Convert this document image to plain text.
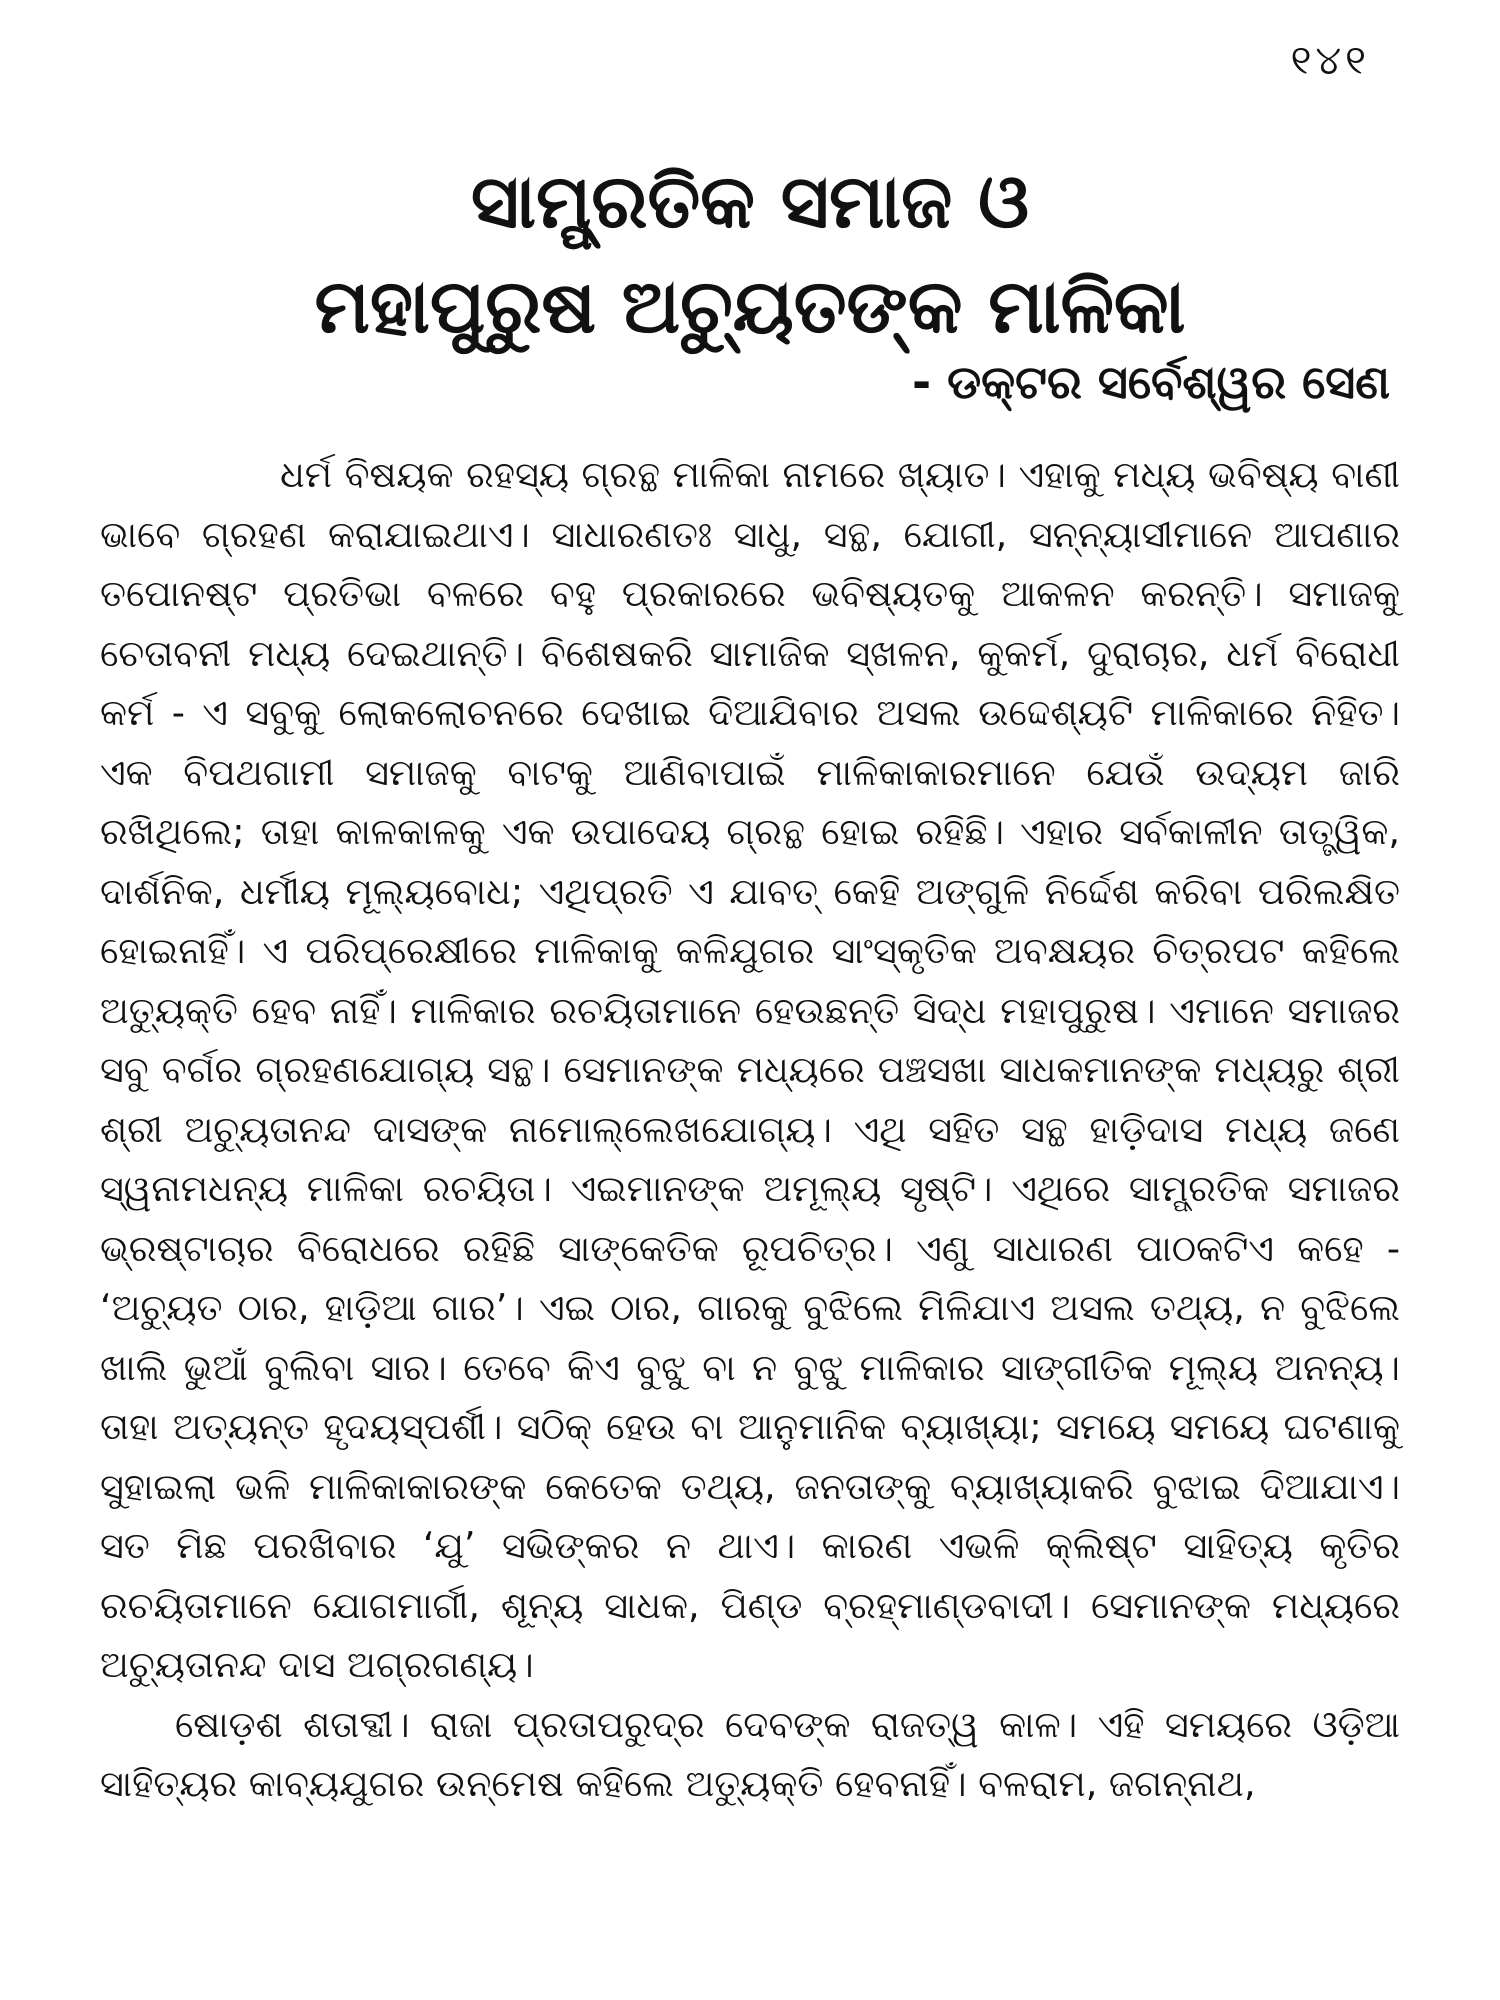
୧୪୧
ସାମ୍ପ୍ରତିକ ସମାଜ ଓ
ମହାପୁରୁଷ ଅଚ୍ୟୁତଙ୍କ ମାଳିକା
- ଡକ୍ଟର ସର୍ବେଶ୍ୱର ସେଣ

ଧର୍ମ ବିଷୟକ ରହସ୍ୟ ଗ୍ରନ୍ଥ ମାଳିକା ନାମରେ ଖ୍ୟାତ। ଏହାକୁ ମଧ୍ୟ ଭବିଷ୍ୟ ବାଣୀ ଭାବେ ଗ୍ରହଣ କରାଯାଇଥାଏ। ସାଧାରଣତଃ ସାଧୁ, ସନ୍ଥ, ଯୋଗୀ, ସନ୍ନ୍ୟାସୀମାନେ ଆପଣାର ତପୋନଷ୍ଟ ପ୍ରତିଭା ବଳରେ ବହୁ ପ୍ରକାରରେ ଭବିଷ୍ୟତକୁ ଆକଳନ କରନ୍ତି। ସମାଜକୁ ଚେତାବନୀ ମଧ୍ୟ ଦେଇଥାନ୍ତି। ବିଶେଷକରି ସାମାଜିକ ସ୍ଖଳନ, କୁକର୍ମ, ଦୁରାଚାର, ଧର୍ମ ବିରୋଧୀ କର୍ମ - ଏ ସବୁକୁ ଲୋକଲୋଚନରେ ଦେଖାଇ ଦିଆଯିବାର ଅସଲ ଉଦ୍ଦେଶ୍ୟଟି ମାଳିକାରେ ନିହିତ। ଏକ ବିପଥଗାମୀ ସମାଜକୁ ବାଟକୁ ଆଣିବାପାଇଁ ମାଳିକାକାରମାନେ ଯେଉଁ ଉଦ୍ୟମ ଜାରି ରଖିଥିଲେ; ତାହା କାଳକାଳକୁ ଏକ ଉପାଦେୟ ଗ୍ରନ୍ଥ ହୋଇ ରହିଛି। ଏହାର ସର୍ବକାଳୀନ ତାତ୍ତ୍ୱିକ, ଦାର୍ଶନିକ, ଧର୍ମୀୟ ମୂଲ୍ୟବୋଧ; ଏଥିପ୍ରତି ଏ ଯାବତ୍ କେହି ଅଙ୍ଗୁଳି ନିର୍ଦ୍ଦେଶ କରିବା ପରିଲକ୍ଷିତ ହୋଇନାହିଁ। ଏ ପରିପ୍ରେକ୍ଷୀରେ ମାଳିକାକୁ କଳିଯୁଗର ସାଂସ୍କୃତିକ ଅବକ୍ଷୟର ଚିତ୍ରପଟ କହିଲେ ଅତ୍ୟୁକ୍ତି ହେବ ନାହିଁ। ମାଳିକାର ରଚୟିତାମାନେ ହେଉଛନ୍ତି ସିଦ୍ଧ ମହାପୁରୁଷ। ଏମାନେ ସମାଜର ସବୁ ବର୍ଗର ଗ୍ରହଣଯୋଗ୍ୟ ସନ୍ଥ। ସେମାନଙ୍କ ମଧ୍ୟରେ ପଞ୍ଚସଖା ସାଧକମାନଙ୍କ ମଧ୍ୟରୁ ଶ୍ରୀ ଶ୍ରୀ ଅଚ୍ୟୁତାନନ୍ଦ ଦାସଙ୍କ ନାମୋଲ୍ଲେଖଯୋଗ୍ୟ। ଏଥି ସହିତ ସନ୍ଥ ହାଡ଼ିଦାସ ମଧ୍ୟ ଜଣେ ସ୍ୱନାମଧନ୍ୟ ମାଳିକା ରଚୟିତା। ଏଇମାନଙ୍କ ଅମୂଲ୍ୟ ସୃଷ୍ଟି। ଏଥିରେ ସାମ୍ପ୍ରତିକ ସମାଜର ଭ୍ରଷ୍ଟାଚାର ବିରୋଧରେ ରହିଛି ସାଙ୍କେତିକ ରୂପଚିତ୍ର। ଏଣୁ ସାଧାରଣ ପାଠକଟିଏ କହେ - ‘ଅଚ୍ୟୁତ ଠାର, ହାଡ଼ିଆ ଗାର’। ଏଇ ଠାର, ଗାରକୁ ବୁଝିଲେ ମିଳିଯାଏ ଅସଲ ତଥ୍ୟ, ନ ବୁଝିଲେ ଖାଲି ଭୁଆଁ ବୁଲିବା ସାର। ତେବେ କିଏ ବୁଝୁ ବା ନ ବୁଝୁ ମାଳିକାର ସାଙ୍ଗୀତିକ ମୂଲ୍ୟ ଅନନ୍ୟ। ତାହା ଅତ୍ୟନ୍ତ ହୃଦୟସ୍ପର୍ଶୀ। ସଠିକ୍ ହେଉ ବା ଆନୁମାନିକ ବ୍ୟାଖ୍ୟା; ସମୟେ ସମୟେ ଘଟଣାକୁ ସୁହାଇଲା ଭଳି ମାଳିକାକାରଙ୍କ କେତେକ ତଥ୍ୟ, ଜନତାଙ୍କୁ ବ୍ୟାଖ୍ୟାକରି ବୁଝାଇ ଦିଆଯାଏ। ସତ ମିଛ ପରଖିବାର ‘ଯୁ’ ସଭିଙ୍କର ନ ଥାଏ। କାରଣ ଏଭଳି କ୍ଲିଷ୍ଟ ସାହିତ୍ୟ କୃତିର ରଚୟିତାମାନେ ଯୋଗମାର୍ଗୀ, ଶୂନ୍ୟ ସାଧକ, ପିଣ୍ଡ ବ୍ରହ୍ମାଣ୍ଡବାଦୀ। ସେମାନଙ୍କ ମଧ୍ୟରେ ଅଚ୍ୟୁତାନନ୍ଦ ଦାସ ଅଗ୍ରଗଣ୍ୟ।

ଷୋଡ଼ଶ ଶତାବ୍ଦୀ। ରାଜା ପ୍ରତାପରୁଦ୍ର ଦେବଙ୍କ ରାଜତ୍ୱ କାଳ। ଏହି ସମୟରେ ଓଡ଼ିଆ ସାହିତ୍ୟର କାବ୍ୟଯୁଗର ଉନ୍ମେଷ କହିଲେ ଅତ୍ୟୁକ୍ତି ହେବନାହିଁ। ବଳରାମ, ଜଗନ୍ନାଥ,
